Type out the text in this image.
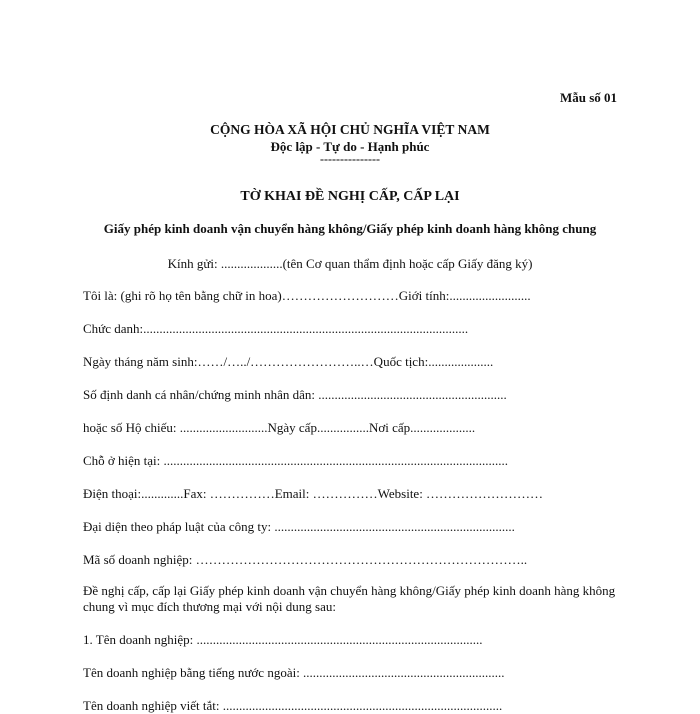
Mẫu số 01
CỘNG HÒA XÃ HỘI CHỦ NGHĨA VIỆT NAM
Độc lập - Tự do - Hạnh phúc
---------------
TỜ KHAI ĐỀ NGHỊ CẤP, CẤP LẠI
Giấy phép kinh doanh vận chuyển hàng không/Giấy phép kinh doanh hàng không chung
Kính gửi: ...................(tên Cơ quan thẩm định hoặc cấp Giấy đăng ký)
Tôi là: (ghi rõ họ tên bằng chữ in hoa)………………………Giới tính:.........................
Chức danh:....................................................................................................
Ngày tháng năm sinh:……/…../……………………..…Quốc tịch:....................
Số định danh cá nhân/chứng minh nhân dân: ..........................................................
hoặc số Hộ chiếu: ...........................Ngày cấp................Nơi cấp....................
Chỗ ở hiện tại: ..........................................................................................................
Điện thoại:.............Fax: ……………Email: ……………Website: ………………………
Đại diện theo pháp luật của công ty: ..........................................................................
Mã số doanh nghiệp: …………………………………………………………………..
Đề nghị cấp, cấp lại Giấy phép kinh doanh vận chuyển hàng không/Giấy phép kinh doanh hàng không chung vì mục đích thương mại với nội dung sau:
1. Tên doanh nghiệp: ........................................................................................
Tên doanh nghiệp bằng tiếng nước ngoài: ..............................................................
Tên doanh nghiệp viết tắt: ......................................................................................
